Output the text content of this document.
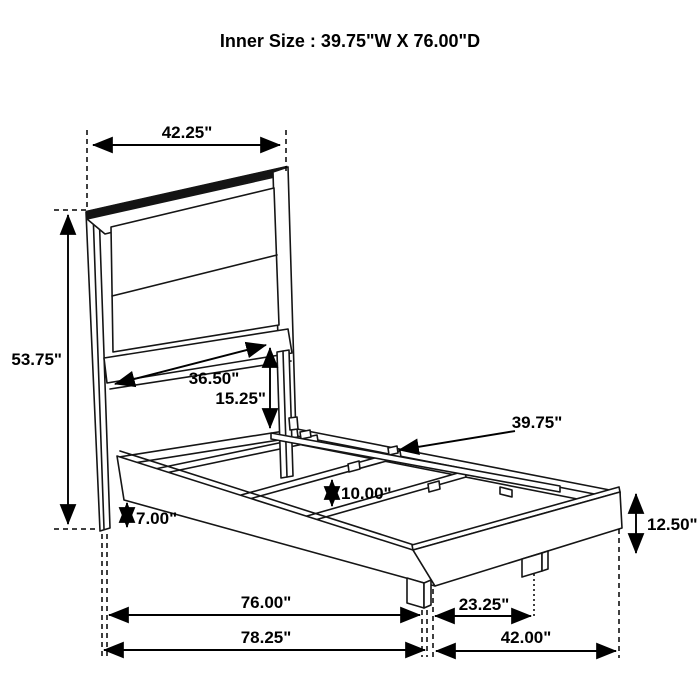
Inner Size : 39.75"W X 76.00"D
42.25"
53.75"
36.50"
15.25"
39.75"
10.00"
7.00"	12.50"
76.00"
78.25"
23.25"
42.00"
